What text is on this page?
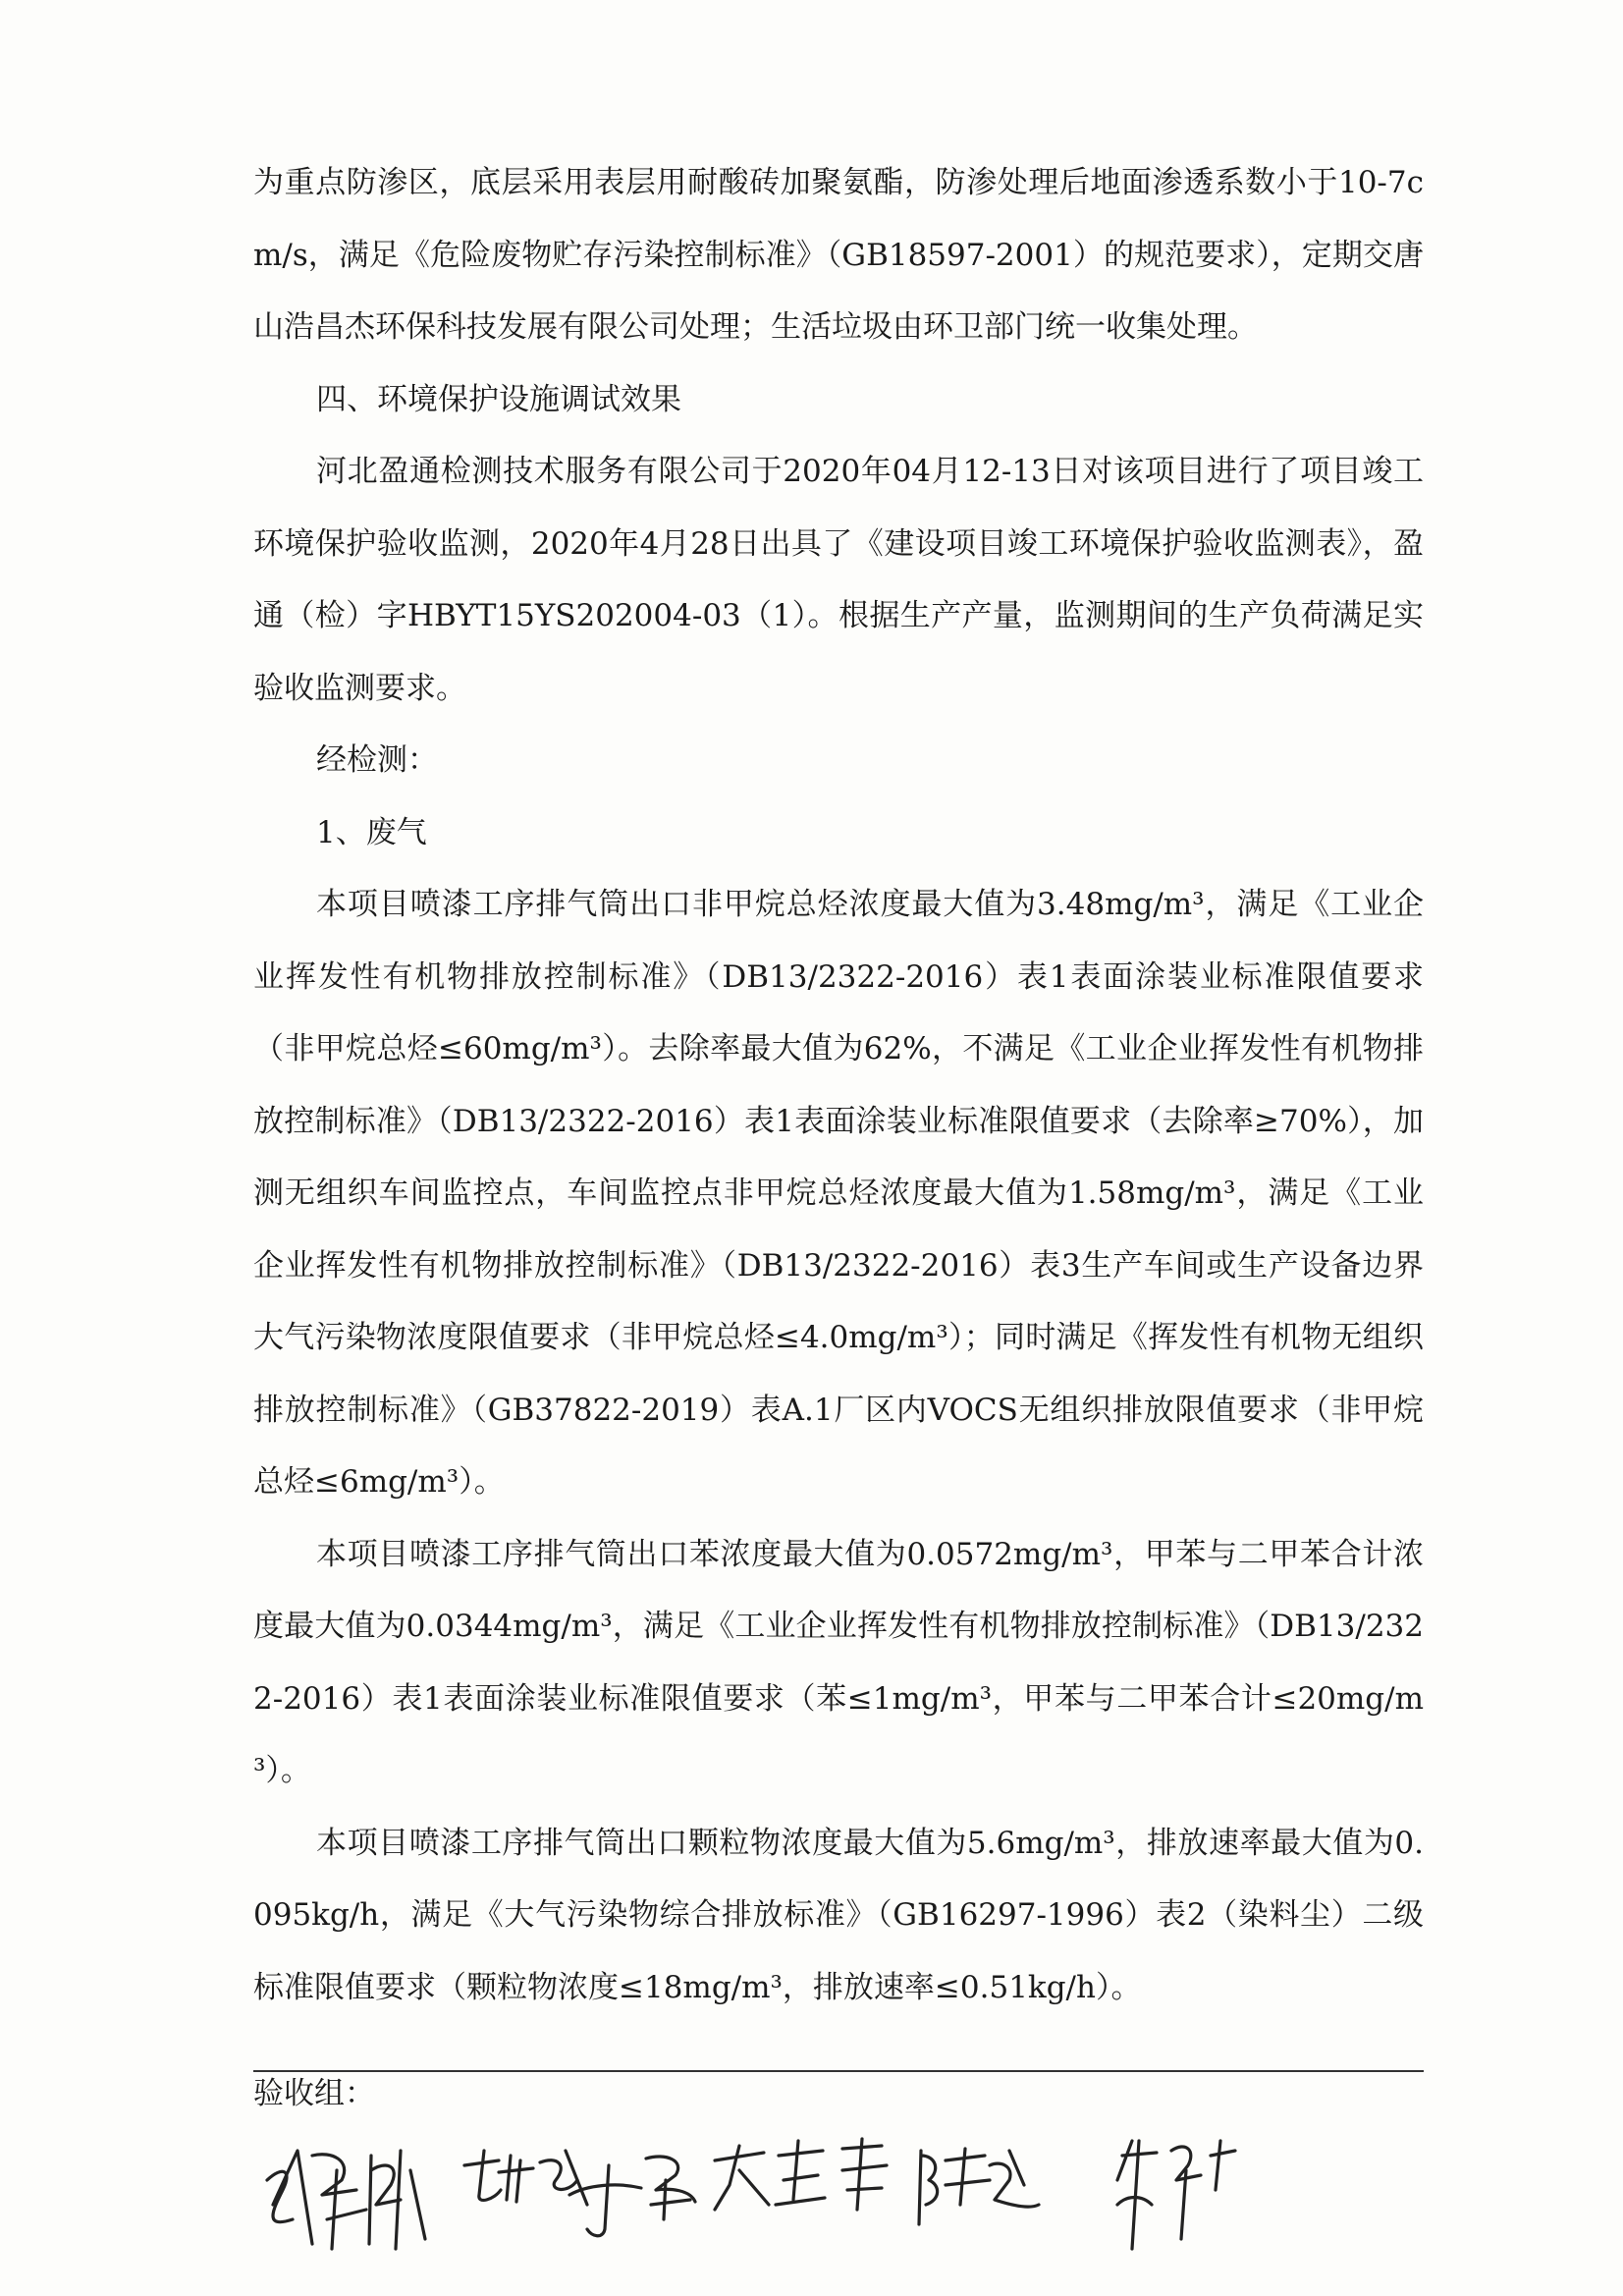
为重点防渗区，底层采用表层用耐酸砖加聚氨酯，防渗处理后地面渗透系数小于10-7cm/s，满足《危险废物贮存污染控制标准》（GB18597-2001）的规范要求），定期交唐山浩昌杰环保科技发展有限公司处理；生活垃圾由环卫部门统一收集处理。

四、环境保护设施调试效果

河北盈通检测技术服务有限公司于2020年04月12-13日对该项目进行了项目竣工环境保护验收监测，2020年4月28日出具了《建设项目竣工环境保护验收监测表》，盈通（检）字HBYT15YS202004-03（1）。根据生产产量，监测期间的生产负荷满足实验收监测要求。

经检测：

1、废气

本项目喷漆工序排气筒出口非甲烷总烃浓度最大值为3.48mg/m³，满足《工业企业挥发性有机物排放控制标准》（DB13/2322-2016）表1表面涂装业标准限值要求（非甲烷总烃≤60mg/m³）。去除率最大值为62%，不满足《工业企业挥发性有机物排放控制标准》（DB13/2322-2016）表1表面涂装业标准限值要求（去除率≥70%），加测无组织车间监控点，车间监控点非甲烷总烃浓度最大值为1.58mg/m³，满足《工业企业挥发性有机物排放控制标准》（DB13/2322-2016）表3生产车间或生产设备边界大气污染物浓度限值要求（非甲烷总烃≤4.0mg/m³）；同时满足《挥发性有机物无组织排放控制标准》（GB37822-2019）表A.1厂区内VOCS无组织排放限值要求（非甲烷总烃≤6mg/m³）。

本项目喷漆工序排气筒出口苯浓度最大值为0.0572mg/m³，甲苯与二甲苯合计浓度最大值为0.0344mg/m³，满足《工业企业挥发性有机物排放控制标准》（DB13/2322-2016）表1表面涂装业标准限值要求（苯≤1mg/m³，甲苯与二甲苯合计≤20mg/m³）。

本项目喷漆工序排气筒出口颗粒物浓度最大值为5.6mg/m³，排放速率最大值为0.095kg/h，满足《大气污染物综合排放标准》（GB16297-1996）表2（染料尘）二级标准限值要求（颗粒物浓度≤18mg/m³，排放速率≤0.51kg/h）。

验收组：
